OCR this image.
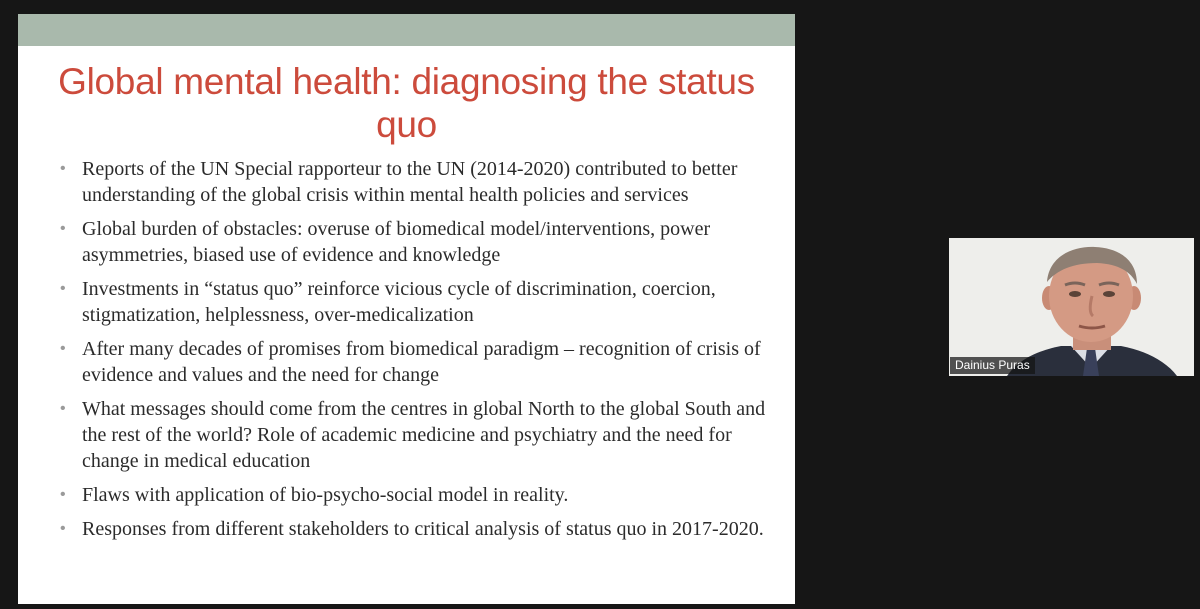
Global mental health: diagnosing the status quo
• Reports of the UN Special rapporteur to the UN (2014-2020) contributed to better understanding of the global crisis within mental health policies and services
• Global burden of obstacles: overuse of biomedical model/interventions, power asymmetries, biased use of evidence and knowledge
• Investments in “status quo” reinforce vicious cycle of discrimination, coercion, stigmatization, helplessness, over-medicalization
• After many decades of promises from biomedical paradigm – recognition of crisis of evidence and values and the need for change
• What messages should come from the centres in global North to the global South and the rest of the world? Role of academic medicine and psychiatry and the need for change in medical education
• Flaws with application of bio-psycho-social model in reality.
• Responses from different stakeholders to critical analysis of status quo in 2017-2020.
Dainius Puras
